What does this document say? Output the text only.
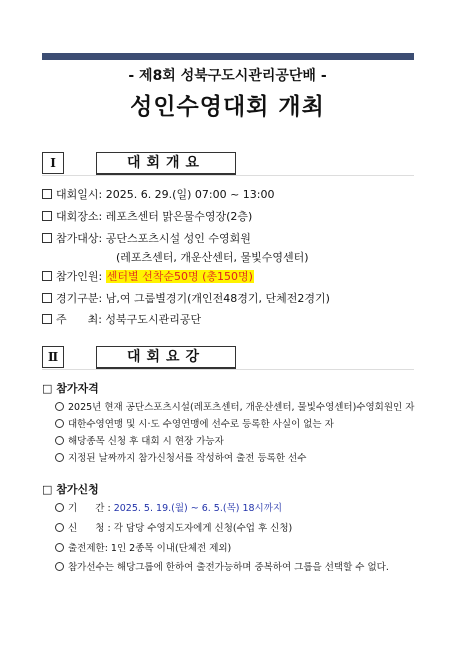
- 제8회 성북구도시관리공단배 -
성인수영대회 개최
Ⅰ	대회개요
대회일시: 2025. 6. 29.(일) 07:00 ~ 13:00
대회장소: 레포츠센터 맑은물수영장(2층)
참가대상: 공단스포츠시설 성인 수영회원
(레포츠센터, 개운산센터, 물빛수영센터)
참가인원: 센터별 선착순50명 (총150명)
경기구분: 남,여 그룹별경기(개인전48경기, 단체전2경기)
주      최: 성북구도시관리공단
Ⅱ	대회요강
□ 참가자격
2025년 현재 공단스포츠시설(레포츠센터, 개운산센터, 물빛수영센터)수영회원인 자
대한수영연맹 및 시·도 수영연맹에 선수로 등록한 사실이 없는 자
해당종목 신청 후 대회 시 현장 가능자
지정된 날짜까지 참가신청서를 작성하여 출전 등록한 선수
□ 참가신청
기      간 : 2025. 5. 19.(월) ~ 6. 5.(목) 18시까지
신      청 : 각 담당 수영지도자에게 신청(수업 후 신청)
출전제한: 1인 2종목 이내(단체전 제외)
참가선수는 해당그룹에 한하여 출전가능하며 중복하여 그룹을 선택할 수 없다.
